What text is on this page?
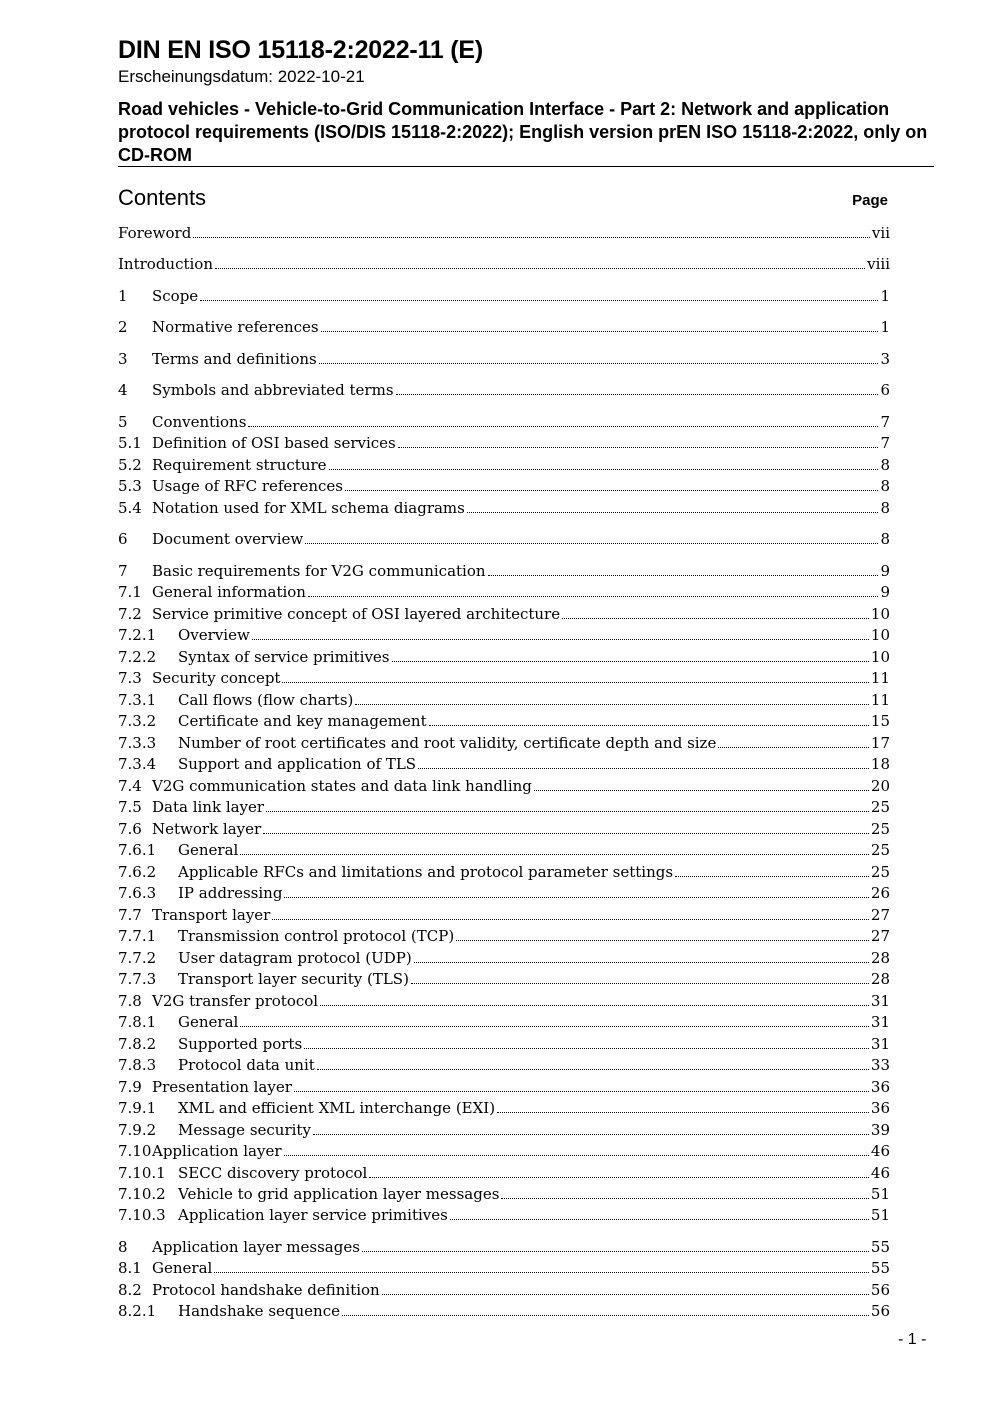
DIN EN ISO 15118-2:2022-11 (E)

Erscheinungsdatum: 2022-10-21

Road vehicles - Vehicle-to-Grid Communication Interface - Part 2: Network and application protocol requirements (ISO/DIS 15118-2:2022); English version prEN ISO 15118-2:2022, only on CD-ROM

Contents	Page
Foreword	vii
Introduction	viii
1	Scope	1
2	Normative references	1
3	Terms and definitions	3
4	Symbols and abbreviated terms	6
5	Conventions	7
5.1 Definition of OSI based services	7
5.2 Requirement structure	8
5.3 Usage of RFC references	8
5.4 Notation used for XML schema diagrams	8
6	Document overview	8
7	Basic requirements for V2G communication	9
7.1 General information	9
7.2 Service primitive concept of OSI layered architecture	10
7.2.1	Overview	10
7.2.2	Syntax of service primitives	10
7.3 Security concept	11
7.3.1	Call flows (flow charts)	11
7.3.2	Certificate and key management	15
7.3.3	Number of root certificates and root validity, certificate depth and size	17
7.3.4	Support and application of TLS	18
7.4 V2G communication states and data link handling	20
7.5 Data link layer	25
7.6 Network layer	25
7.6.1	General	25
7.6.2	Applicable RFCs and limitations and protocol parameter settings	25
7.6.3	IP addressing	26
7.7 Transport layer	27
7.7.1	Transmission control protocol (TCP)	27
7.7.2	User datagram protocol (UDP)	28
7.7.3	Transport layer security (TLS)	28
7.8 V2G transfer protocol	31
7.8.1	General	31
7.8.2	Supported ports	31
7.8.3	Protocol data unit	33
7.9 Presentation layer	36
7.9.1	XML and efficient XML interchange (EXI)	36
7.9.2	Message security	39
7.10 Application layer	46
7.10.1 SECC discovery protocol	46
7.10.2 Vehicle to grid application layer messages	51
7.10.3 Application layer service primitives	51
8	Application layer messages	55
8.1 General	55
8.2 Protocol handshake definition	56
8.2.1	Handshake sequence	56
- 1 -
